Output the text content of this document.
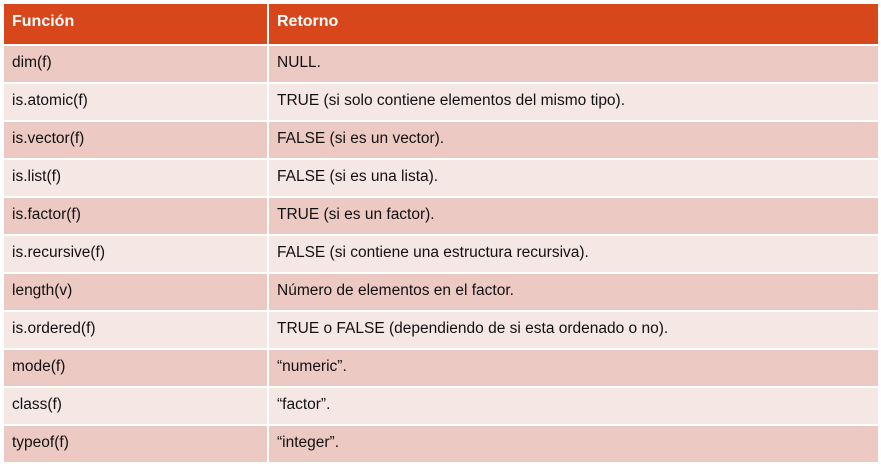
Función	Retorno
dim(f)	NULL.
is.atomic(f)	TRUE (si solo contiene elementos del mismo tipo).
is.vector(f)	FALSE (si es un vector).
is.list(f)	FALSE (si es una lista).
is.factor(f)	TRUE (si es un factor).
is.recursive(f)	FALSE (si contiene una estructura recursiva).
length(v)	Número de elementos en el factor.
is.ordered(f)	TRUE o FALSE (dependiendo de si esta ordenado o no).
mode(f)	“numeric”.
class(f)	“factor”.
typeof(f)	“integer”.
